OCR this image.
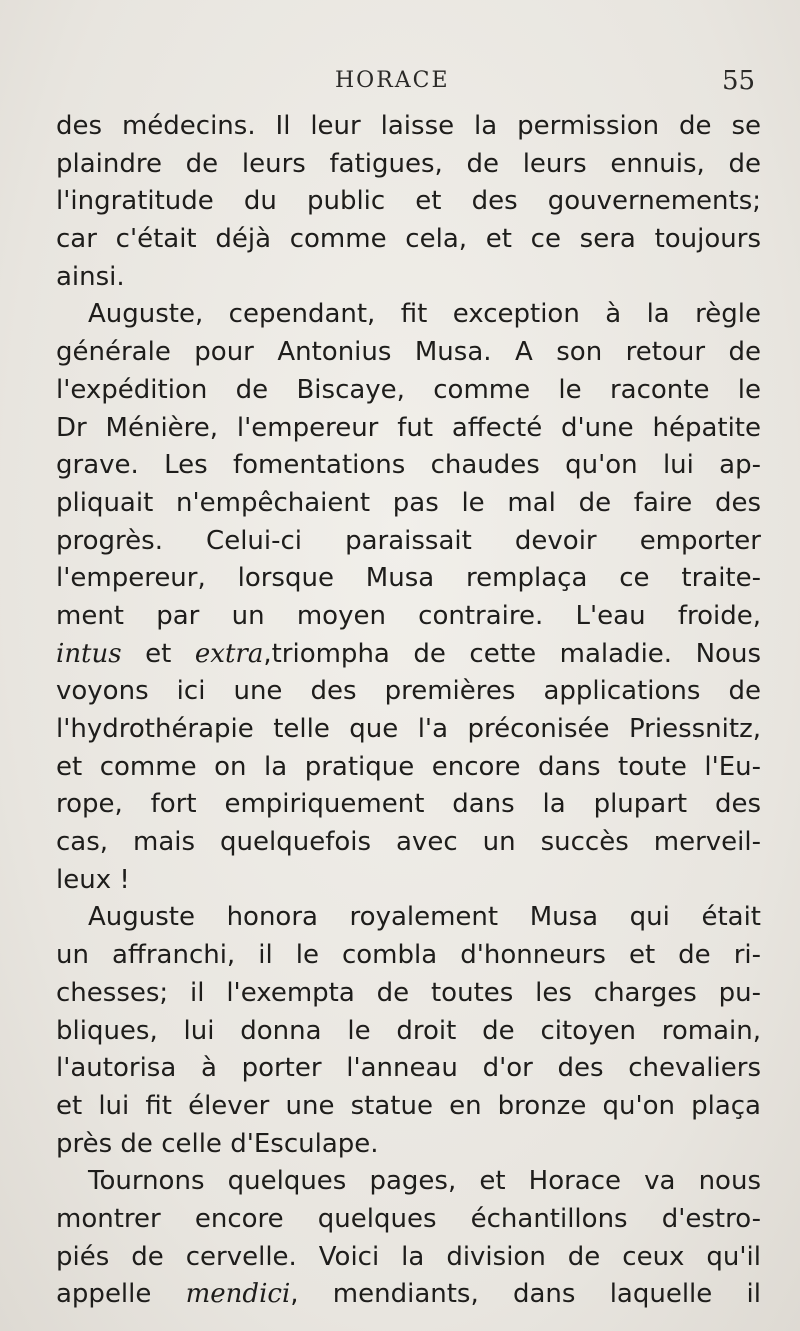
HORACE	55
des médecins. Il leur laisse la permission de se
plaindre de leurs fatigues, de leurs ennuis, de
l'ingratitude du public et des gouvernements;
car c'était déjà comme cela, et ce sera toujours
ainsi.
Auguste, cependant, fit exception à la règle
générale pour Antonius Musa. A son retour de
l'expédition de Biscaye, comme le raconte le
Dr Ménière, l'empereur fut affecté d'une hépatite
grave. Les fomentations chaudes qu'on lui ap-
pliquait n'empêchaient pas le mal de faire des
progrès. Celui-ci paraissait devoir emporter
l'empereur, lorsque Musa remplaça ce traite-
ment par un moyen contraire. L'eau froide,
intus et extra,triompha de cette maladie. Nous
voyons ici une des premières applications de
l'hydrothérapie telle que l'a préconisée Priessnitz,
et comme on la pratique encore dans toute l'Eu-
rope, fort empiriquement dans la plupart des
cas, mais quelquefois avec un succès merveil-
leux !
Auguste honora royalement Musa qui était
un affranchi, il le combla d'honneurs et de ri-
chesses; il l'exempta de toutes les charges pu-
bliques, lui donna le droit de citoyen romain,
l'autorisa à porter l'anneau d'or des chevaliers
et lui fit élever une statue en bronze qu'on plaça
près de celle d'Esculape.
Tournons quelques pages, et Horace va nous
montrer encore quelques échantillons d'estro-
piés de cervelle. Voici la division de ceux qu'il
appelle mendici, mendiants, dans laquelle il
